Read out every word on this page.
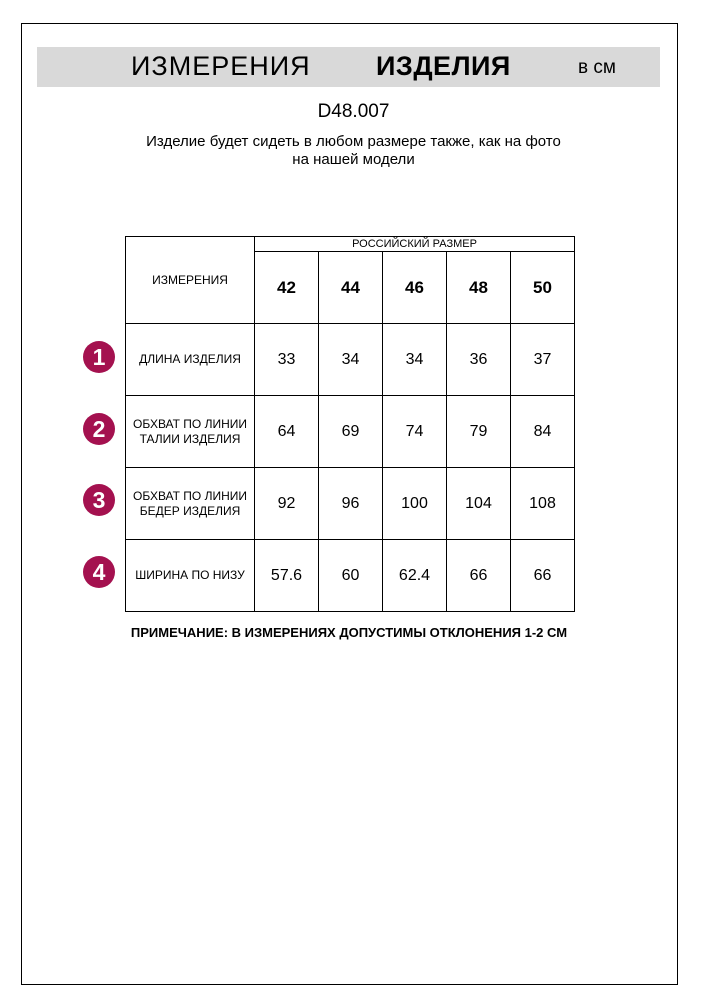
ИЗМЕРЕНИЯ ИЗДЕЛИЯ	в см
D48.007
Изделие будет сидеть в любом размере также, как на фото
на нашей модели
ИЗМЕРЕНИЯ	РОССИЙСКИЙ РАЗМЕР				
	42	44	46	48	50
ДЛИНА ИЗДЕЛИЯ	33	34	34	36	37
ОБХВАТ ПО ЛИНИИ
ТАЛИИ ИЗДЕЛИЯ	64	69	74	79	84
ОБХВАТ ПО ЛИНИИ
БЕДЕР ИЗДЕЛИЯ	92	96	100	104	108
ШИРИНА ПО НИЗУ	57.6	60	62.4	66	66
1
2
3
4
ПРИМЕЧАНИЕ: В ИЗМЕРЕНИЯХ ДОПУСТИМЫ ОТКЛОНЕНИЯ 1-2 СМ
